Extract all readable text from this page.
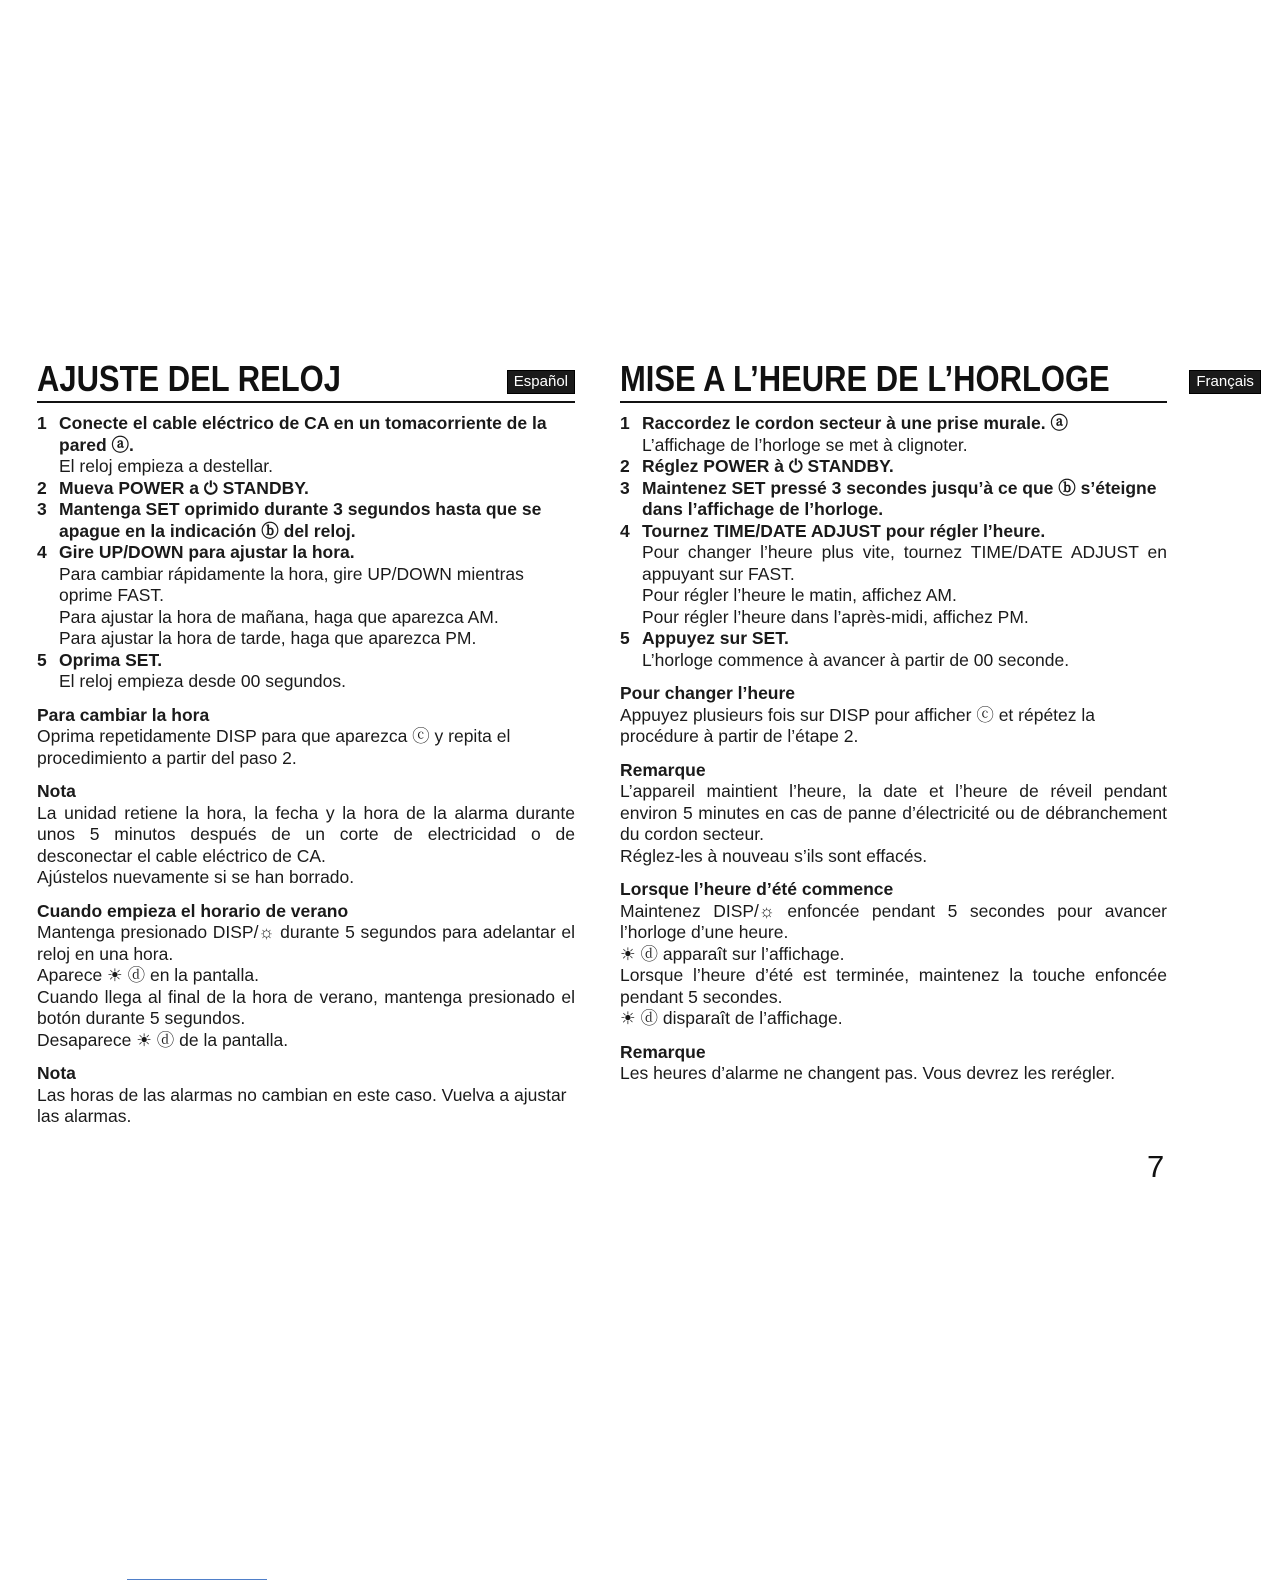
AJUSTE DEL RELOJ	Español
1 Conecte el cable eléctrico de CA en un tomacorriente de la pared ⓐ.
El reloj empieza a destellar.
2 Mueva POWER a ⏻ STANDBY.
3 Mantenga SET oprimido durante 3 segundos hasta que se apague en la indicación ⓑ del reloj.
4 Gire UP/DOWN para ajustar la hora.
Para cambiar rápidamente la hora, gire UP/DOWN mientras oprime FAST.
Para ajustar la hora de mañana, haga que aparezca AM.
Para ajustar la hora de tarde, haga que aparezca PM.
5 Oprima SET.
El reloj empieza desde 00 segundos.
Para cambiar la hora
Oprima repetidamente DISP para que aparezca ⓒ y repita el procedimiento a partir del paso 2.
Nota
La unidad retiene la hora, la fecha y la hora de la alarma durante unos 5 minutos después de un corte de electricidad o de desconectar el cable eléctrico de CA.
Ajústelos nuevamente si se han borrado.
Cuando empieza el horario de verano
Mantenga presionado DISP/☼ durante 5 segundos para adelantar el reloj en una hora.
Aparece ☀ ⓓ en la pantalla.
Cuando llega al final de la hora de verano, mantenga presionado el botón durante 5 segundos.
Desaparece ☀ ⓓ de la pantalla.
Nota
Las horas de las alarmas no cambian en este caso. Vuelva a ajustar las alarmas.
MISE A L’HEURE DE L’HORLOGE	Français
1 Raccordez le cordon secteur à une prise murale. ⓐ
L’affichage de l’horloge se met à clignoter.
2 Réglez POWER à ⏻ STANDBY.
3 Maintenez SET pressé 3 secondes jusqu’à ce que ⓑ s’éteigne dans l’affichage de l’horloge.
4 Tournez TIME/DATE ADJUST pour régler l’heure.
Pour changer l’heure plus vite, tournez TIME/DATE ADJUST en appuyant sur FAST.
Pour régler l’heure le matin, affichez AM.
Pour régler l’heure dans l’après-midi, affichez PM.
5 Appuyez sur SET.
L’horloge commence à avancer à partir de 00 seconde.
Pour changer l’heure
Appuyez plusieurs fois sur DISP pour afficher ⓒ et répétez la procédure à partir de l’étape 2.
Remarque
L’appareil maintient l’heure, la date et l’heure de réveil pendant environ 5 minutes en cas de panne d’électricité ou de débranchement du cordon secteur.
Réglez-les à nouveau s’ils sont effacés.
Lorsque l’heure d’été commence
Maintenez DISP/☼ enfoncée pendant 5 secondes pour avancer l’horloge d’une heure.
☀ ⓓ apparaît sur l’affichage.
Lorsque l’heure d’été est terminée, maintenez la touche enfoncée pendant 5 secondes.
☀ ⓓ disparaît de l’affichage.
Remarque
Les heures d’alarme ne changent pas. Vous devrez les rerégler.
7
